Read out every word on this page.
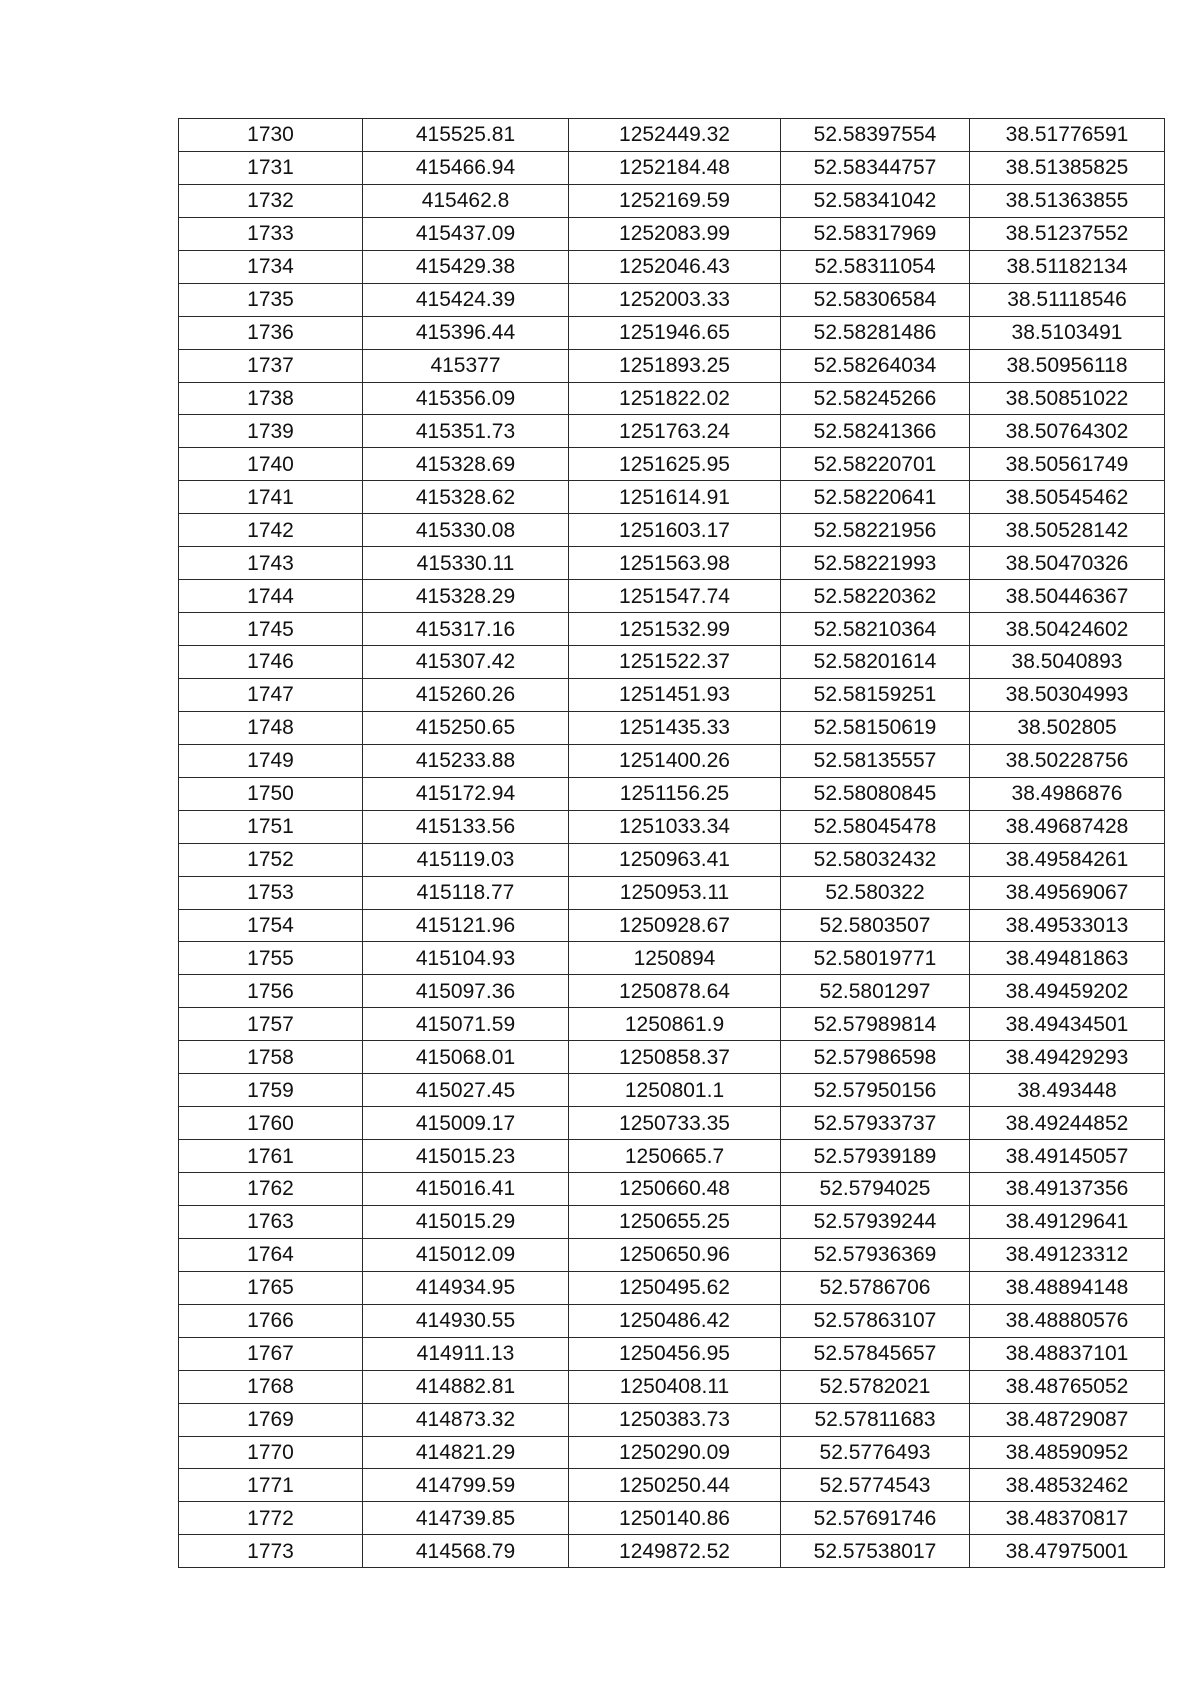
1730	415525.81	1252449.32	52.58397554	38.51776591
1731	415466.94	1252184.48	52.58344757	38.51385825
1732	415462.8	1252169.59	52.58341042	38.51363855
1733	415437.09	1252083.99	52.58317969	38.51237552
1734	415429.38	1252046.43	52.58311054	38.51182134
1735	415424.39	1252003.33	52.58306584	38.51118546
1736	415396.44	1251946.65	52.58281486	38.5103491
1737	415377	1251893.25	52.58264034	38.50956118
1738	415356.09	1251822.02	52.58245266	38.50851022
1739	415351.73	1251763.24	52.58241366	38.50764302
1740	415328.69	1251625.95	52.58220701	38.50561749
1741	415328.62	1251614.91	52.58220641	38.50545462
1742	415330.08	1251603.17	52.58221956	38.50528142
1743	415330.11	1251563.98	52.58221993	38.50470326
1744	415328.29	1251547.74	52.58220362	38.50446367
1745	415317.16	1251532.99	52.58210364	38.50424602
1746	415307.42	1251522.37	52.58201614	38.5040893
1747	415260.26	1251451.93	52.58159251	38.50304993
1748	415250.65	1251435.33	52.58150619	38.502805
1749	415233.88	1251400.26	52.58135557	38.50228756
1750	415172.94	1251156.25	52.58080845	38.4986876
1751	415133.56	1251033.34	52.58045478	38.49687428
1752	415119.03	1250963.41	52.58032432	38.49584261
1753	415118.77	1250953.11	52.580322	38.49569067
1754	415121.96	1250928.67	52.5803507	38.49533013
1755	415104.93	1250894	52.58019771	38.49481863
1756	415097.36	1250878.64	52.5801297	38.49459202
1757	415071.59	1250861.9	52.57989814	38.49434501
1758	415068.01	1250858.37	52.57986598	38.49429293
1759	415027.45	1250801.1	52.57950156	38.493448
1760	415009.17	1250733.35	52.57933737	38.49244852
1761	415015.23	1250665.7	52.57939189	38.49145057
1762	415016.41	1250660.48	52.5794025	38.49137356
1763	415015.29	1250655.25	52.57939244	38.49129641
1764	415012.09	1250650.96	52.57936369	38.49123312
1765	414934.95	1250495.62	52.5786706	38.48894148
1766	414930.55	1250486.42	52.57863107	38.48880576
1767	414911.13	1250456.95	52.57845657	38.48837101
1768	414882.81	1250408.11	52.5782021	38.48765052
1769	414873.32	1250383.73	52.57811683	38.48729087
1770	414821.29	1250290.09	52.5776493	38.48590952
1771	414799.59	1250250.44	52.5774543	38.48532462
1772	414739.85	1250140.86	52.57691746	38.48370817
1773	414568.79	1249872.52	52.57538017	38.47975001
